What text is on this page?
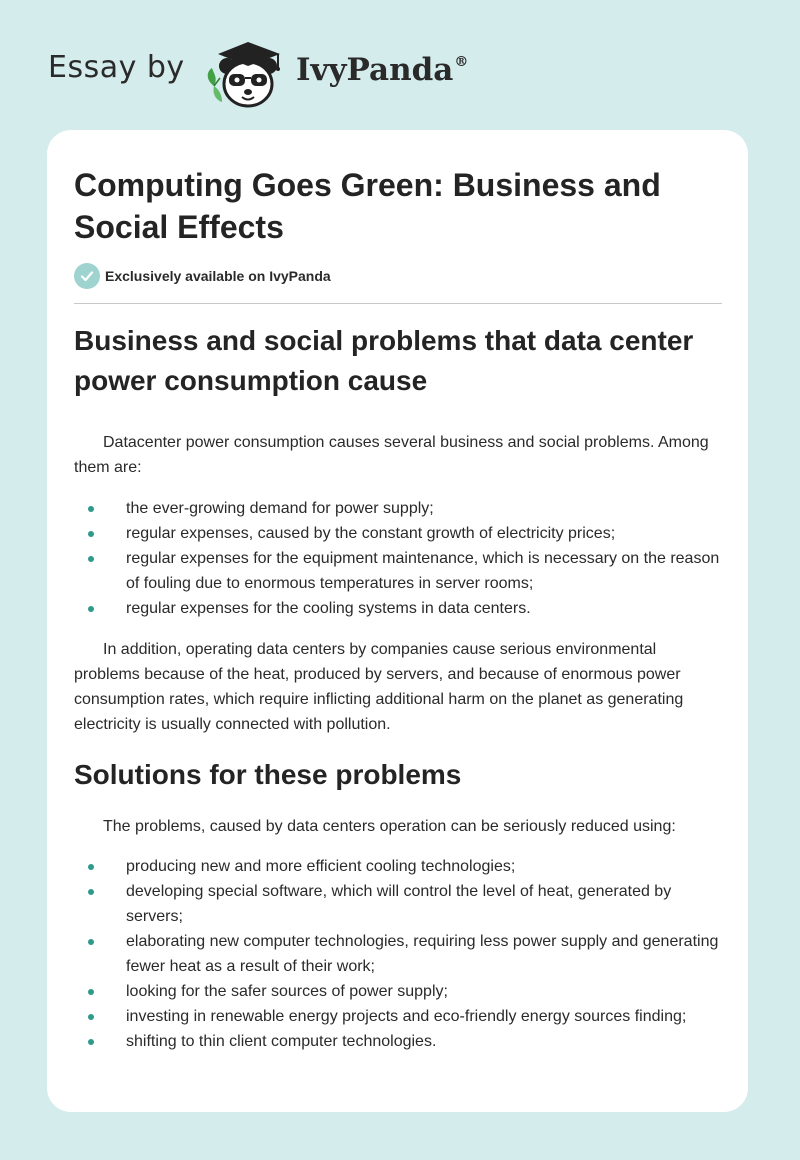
Essay by	IvyPanda®
Computing Goes Green: Business and Social Effects
Exclusively available on IvyPanda
Business and social problems that data center power consumption cause

Datacenter power consumption causes several business and social problems. Among them are:

the ever-growing demand for power supply;
regular expenses, caused by the constant growth of electricity prices;
regular expenses for the equipment maintenance, which is necessary on the reason of fouling due to enormous temperatures in server rooms;
regular expenses for the cooling systems in data centers.

In addition, operating data centers by companies cause serious environmental problems because of the heat, produced by servers, and because of enormous power consumption rates, which require inflicting additional harm on the planet as generating electricity is usually connected with pollution.

Solutions for these problems

The problems, caused by data centers operation can be seriously reduced using:

producing new and more efficient cooling technologies;
developing special software, which will control the level of heat, generated by servers;
elaborating new computer technologies, requiring less power supply and generating fewer heat as a result of their work;
looking for the safer sources of power supply;
investing in renewable energy projects and eco-friendly energy sources finding;
shifting to thin client computer technologies.
